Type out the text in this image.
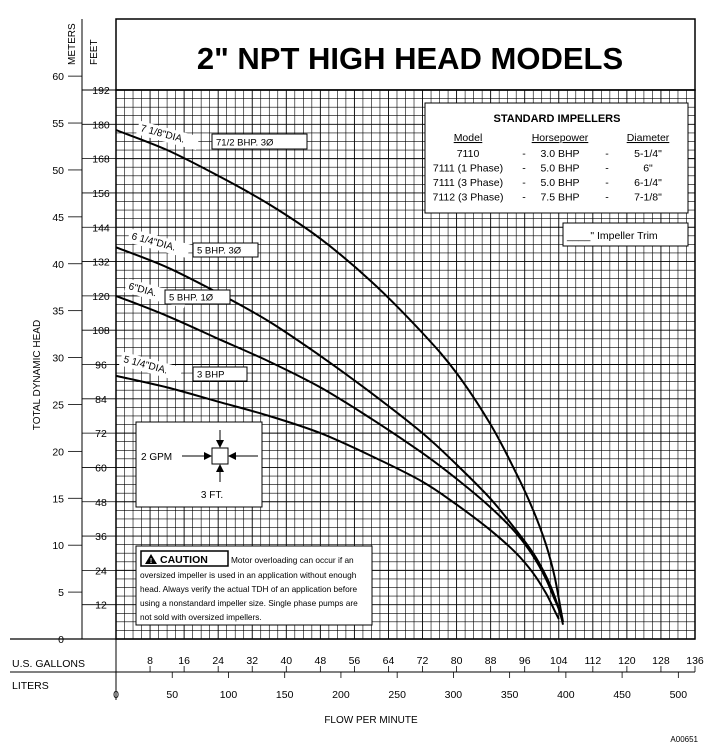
2" NPT HIGH HEAD MODELS
METERS FEET
TOTAL DYNAMIC HEAD
0
5
10
15
20
25
30
35
40
45
50
55
60
12
24
36
48
60
72
84
96
108
120
132
144
156
168
180
192
8 16 24 32 40 48 56 64 72 80 88 96 104 112 120 128 136
0	50	100	150	200	250	300	350	400	450	500
7 1/8"DIA.	71/2 BHP. 3Ø
6 1/4"DIA. 5 BHP. 3Ø
6"DIA. 5 BHP. 1Ø
5 1/4"DIA.	3 BHP
STANDARD IMPELLERS
Model	Horsepower	Diameter
7110	- 3.0 BHP - 5-1/4"
7111 (1 Phase) - 5.0 BHP -	6"
7111 (3 Phase) - 5.0 BHP - 6-1/4"
7112 (3 Phase) - 7.5 BHP - 7-1/8"
____" Impeller Trim
2 GPM
3 FT.
! CAUTION	Motor overloading can occur if an
oversized impeller is used in an application without enough
head. Always verify the actual TDH of an application before
using a nonstandard impeller size. Single phase pumps are
not sold with oversized impellers.
U.S. GALLONS
LITERS
FLOW PER MINUTE
A00651
